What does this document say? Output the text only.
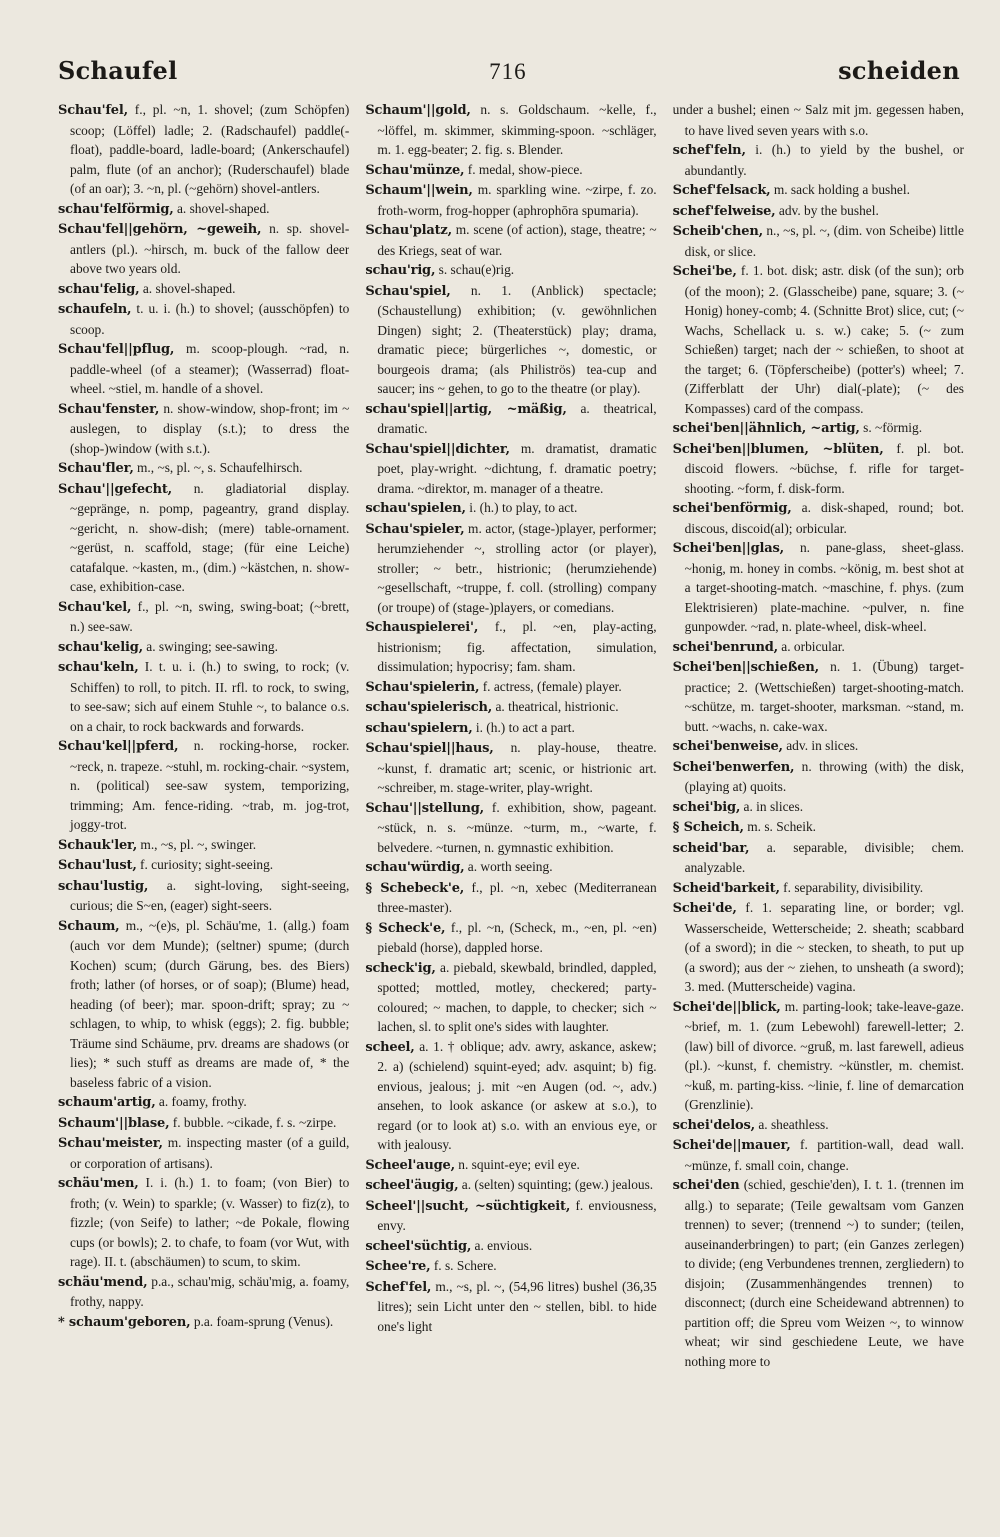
Schaufel	716	scheiden

Schau'fel, f., pl. ~n, 1. shovel; (zum Schöpfen) scoop; (Löffel) ladle; 2. (Radschaufel) paddle(-float), paddle-board, ladle-board; (Ankerschaufel) palm, flute (of an anchor); (Ruderschaufel) blade (of an oar); 3. ~n, pl. (~gehörn) shovel-antlers.

schau'felförmig, a. shovel-shaped.

Schau'fel||gehörn, ~geweih, n. sp. shovel-antlers (pl.). ~hirsch, m. buck of the fallow deer above two years old.

schau'felig, a. shovel-shaped.

schaufeln, t. u. i. (h.) to shovel; (ausschöpfen) to scoop.

Schau'fel||pflug, m. scoop-plough. ~rad, n. paddle-wheel (of a steamer); (Wasserrad) float-wheel. ~stiel, m. handle of a shovel.

Schau'fenster, n. show-window, shop-front; im ~ auslegen, to display (s.t.); to dress the (shop-)window (with s.t.).

Schau'fler, m., ~s, pl. ~, s. Schaufelhirsch.

Schau'||gefecht, n. gladiatorial display. ~gepränge, n. pomp, pageantry, grand display. ~gericht, n. show-dish; (mere) table-ornament. ~gerüst, n. scaffold, stage; (für eine Leiche) catafalque. ~kasten, m., (dim.) ~kästchen, n. show-case, exhibition-case.

Schau'kel, f., pl. ~n, swing, swing-boat; (~brett, n.) see-saw.

schau'kelig, a. swinging; see-sawing.

schau'keln, I. t. u. i. (h.) to swing, to rock; (v. Schiffen) to roll, to pitch. II. rfl. to rock, to swing, to see-saw; sich auf einem Stuhle ~, to balance o.s. on a chair, to rock backwards and forwards.

Schau'kel||pferd, n. rocking-horse, rocker. ~reck, n. trapeze. ~stuhl, m. rocking-chair. ~system, n. (political) see-saw system, temporizing, trimming; Am. fence-riding. ~trab, m. jog-trot, joggy-trot.

Schauk'ler, m., ~s, pl. ~, swinger.

Schau'lust, f. curiosity; sight-seeing.

schau'lustig, a. sight-loving, sight-seeing, curious; die S~en, (eager) sight-seers.

Schaum, m., ~(e)s, pl. Schäu'me, 1. (allg.) foam (auch vor dem Munde); (seltner) spume; (durch Kochen) scum; (durch Gärung, bes. des Biers) froth; lather (of horses, or of soap); (Blume) head, heading (of beer); mar. spoon-drift; spray; zu ~ schlagen, to whip, to whisk (eggs); 2. fig. bubble; Träume sind Schäume, prv. dreams are shadows (or lies); * such stuff as dreams are made of, * the baseless fabric of a vision.

schaum'artig, a. foamy, frothy.

Schaum'||blase, f. bubble. ~cikade, f. s. ~zirpe.

Schau'meister, m. inspecting master (of a guild, or corporation of artisans).

schäu'men, I. i. (h.) 1. to foam; (von Bier) to froth; (v. Wein) to sparkle; (v. Wasser) to fiz(z), to fizzle; (von Seife) to lather; ~de Pokale, flowing cups (or bowls); 2. to chafe, to foam (vor Wut, with rage). II. t. (abschäumen) to scum, to skim.

schäu'mend, p.a., schau'mig, schäu'mig, a. foamy, frothy, nappy.

* schaum'geboren, p.a. foam-sprung (Venus).

Schaum'||gold, n. s. Goldschaum. ~kelle, f., ~löffel, m. skimmer, skimming-spoon. ~schläger, m. 1. egg-beater; 2. fig. s. Blender.

Schau'münze, f. medal, show-piece.

Schaum'||wein, m. sparkling wine. ~zirpe, f. zo. froth-worm, frog-hopper (aphrophōra spumaria).

Schau'platz, m. scene (of action), stage, theatre; ~ des Kriegs, seat of war.

schau'rig, s. schau(e)rig.

Schau'spiel, n. 1. (Anblick) spectacle; (Schaustellung) exhibition; (v. gewöhnlichen Dingen) sight; 2. (Theaterstück) play; drama, dramatic piece; bürgerliches ~, domestic, or bourgeois drama; (als Philiströs) tea-cup and saucer; ins ~ gehen, to go to the theatre (or play).

schau'spiel||artig, ~mäßig, a. theatrical, dramatic.

Schau'spiel||dichter, m. dramatist, dramatic poet, play-wright. ~dichtung, f. dramatic poetry; drama. ~direktor, m. manager of a theatre.

schau'spielen, i. (h.) to play, to act.

Schau'spieler, m. actor, (stage-)player, performer; herumziehender ~, strolling actor (or player), stroller; ~ betr., histrionic; (herumziehende) ~gesellschaft, ~truppe, f. coll. (strolling) company (or troupe) of (stage-)players, or comedians.

Schauspielerei', f., pl. ~en, play-acting, histrionism; fig. affectation, simulation, dissimulation; hypocrisy; fam. sham.

Schau'spielerin, f. actress, (female) player.

schau'spielerisch, a. theatrical, histrionic.

schau'spielern, i. (h.) to act a part.

Schau'spiel||haus, n. play-house, theatre. ~kunst, f. dramatic art; scenic, or histrionic art. ~schreiber, m. stage-writer, play-wright.

Schau'||stellung, f. exhibition, show, pageant. ~stück, n. s. ~münze. ~turm, m., ~warte, f. belvedere. ~turnen, n. gymnastic exhibition.

schau'würdig, a. worth seeing.

§ Schebeck'e, f., pl. ~n, xebec (Mediterranean three-master).

§ Scheck'e, f., pl. ~n, (Scheck, m., ~en, pl. ~en) piebald (horse), dappled horse.

scheck'ig, a. piebald, skewbald, brindled, dappled, spotted; mottled, motley, checkered; party-coloured; ~ machen, to dapple, to checker; sich ~ lachen, sl. to split one's sides with laughter.

scheel, a. 1. † oblique; adv. awry, askance, askew; 2. a) (schielend) squint-eyed; adv. asquint; b) fig. envious, jealous; j. mit ~en Augen (od. ~, adv.) ansehen, to look askance (or askew at s.o.), to regard (or to look at) s.o. with an envious eye, or with jealousy.

Scheel'auge, n. squint-eye; evil eye.

scheel'äugig, a. (selten) squinting; (gew.) jealous.

Scheel'||sucht, ~süchtigkeit, f. enviousness, envy.

scheel'süchtig, a. envious.

Schee're, f. s. Schere.

Schef'fel, m., ~s, pl. ~, (54,96 litres) bushel (36,35 litres); sein Licht unter den ~ stellen, bibl. to hide one's light

under a bushel; einen ~ Salz mit jm. gegessen haben, to have lived seven years with s.o.

schef'feln, i. (h.) to yield by the bushel, or abundantly.

Schef'felsack, m. sack holding a bushel.

schef'felweise, adv. by the bushel.

Scheib'chen, n., ~s, pl. ~, (dim. von Scheibe) little disk, or slice.

Schei'be, f. 1. bot. disk; astr. disk (of the sun); orb (of the moon); 2. (Glasscheibe) pane, square; 3. (~ Honig) honey-comb; 4. (Schnitte Brot) slice, cut; (~ Wachs, Schellack u. s. w.) cake; 5. (~ zum Schießen) target; nach der ~ schießen, to shoot at the target; 6. (Töpferscheibe) (potter's) wheel; 7. (Zifferblatt der Uhr) dial(-plate); (~ des Kompasses) card of the compass.

schei'ben||ähnlich, ~artig, s. ~förmig.

Schei'ben||blumen, ~blüten, f. pl. bot. discoid flowers. ~büchse, f. rifle for target-shooting. ~form, f. disk-form.

schei'benförmig, a. disk-shaped, round; bot. discous, discoid(al); orbicular.

Schei'ben||glas, n. pane-glass, sheet-glass. ~honig, m. honey in combs. ~könig, m. best shot at a target-shooting-match. ~maschine, f. phys. (zum Elektrisieren) plate-machine. ~pulver, n. fine gunpowder. ~rad, n. plate-wheel, disk-wheel.

schei'benrund, a. orbicular.

Schei'ben||schießen, n. 1. (Übung) target-practice; 2. (Wettschießen) target-shooting-match. ~schütze, m. target-shooter, marksman. ~stand, m. butt. ~wachs, n. cake-wax.

schei'benweise, adv. in slices.

Schei'benwerfen, n. throwing (with) the disk, (playing at) quoits.

schei'big, a. in slices.

§ Scheich, m. s. Scheik.

scheid'bar, a. separable, divisible; chem. analyzable.

Scheid'barkeit, f. separability, divisibility.

Schei'de, f. 1. separating line, or border; vgl. Wasserscheide, Wetterscheide; 2. sheath; scabbard (of a sword); in die ~ stecken, to sheath, to put up (a sword); aus der ~ ziehen, to unsheath (a sword); 3. med. (Mutterscheide) vagina.

Schei'de||blick, m. parting-look; take-leave-gaze. ~brief, m. 1. (zum Lebewohl) farewell-letter; 2. (law) bill of divorce. ~gruß, m. last farewell, adieus (pl.). ~kunst, f. chemistry. ~künstler, m. chemist. ~kuß, m. parting-kiss. ~linie, f. line of demarcation (Grenzlinie).

schei'delos, a. sheathless.

Schei'de||mauer, f. partition-wall, dead wall. ~münze, f. small coin, change.

schei'den (schied, geschie'den), I. t. 1. (trennen im allg.) to separate; (Teile gewaltsam vom Ganzen trennen) to sever; (trennend ~) to sunder; (teilen, auseinanderbringen) to part; (ein Ganzes zerlegen) to divide; (eng Verbundenes trennen, zergliedern) to disjoin; (Zusammenhängendes trennen) to disconnect; (durch eine Scheidewand abtrennen) to partition off; die Spreu vom Weizen ~, to winnow wheat; wir sind geschiedene Leute, we have nothing more to
